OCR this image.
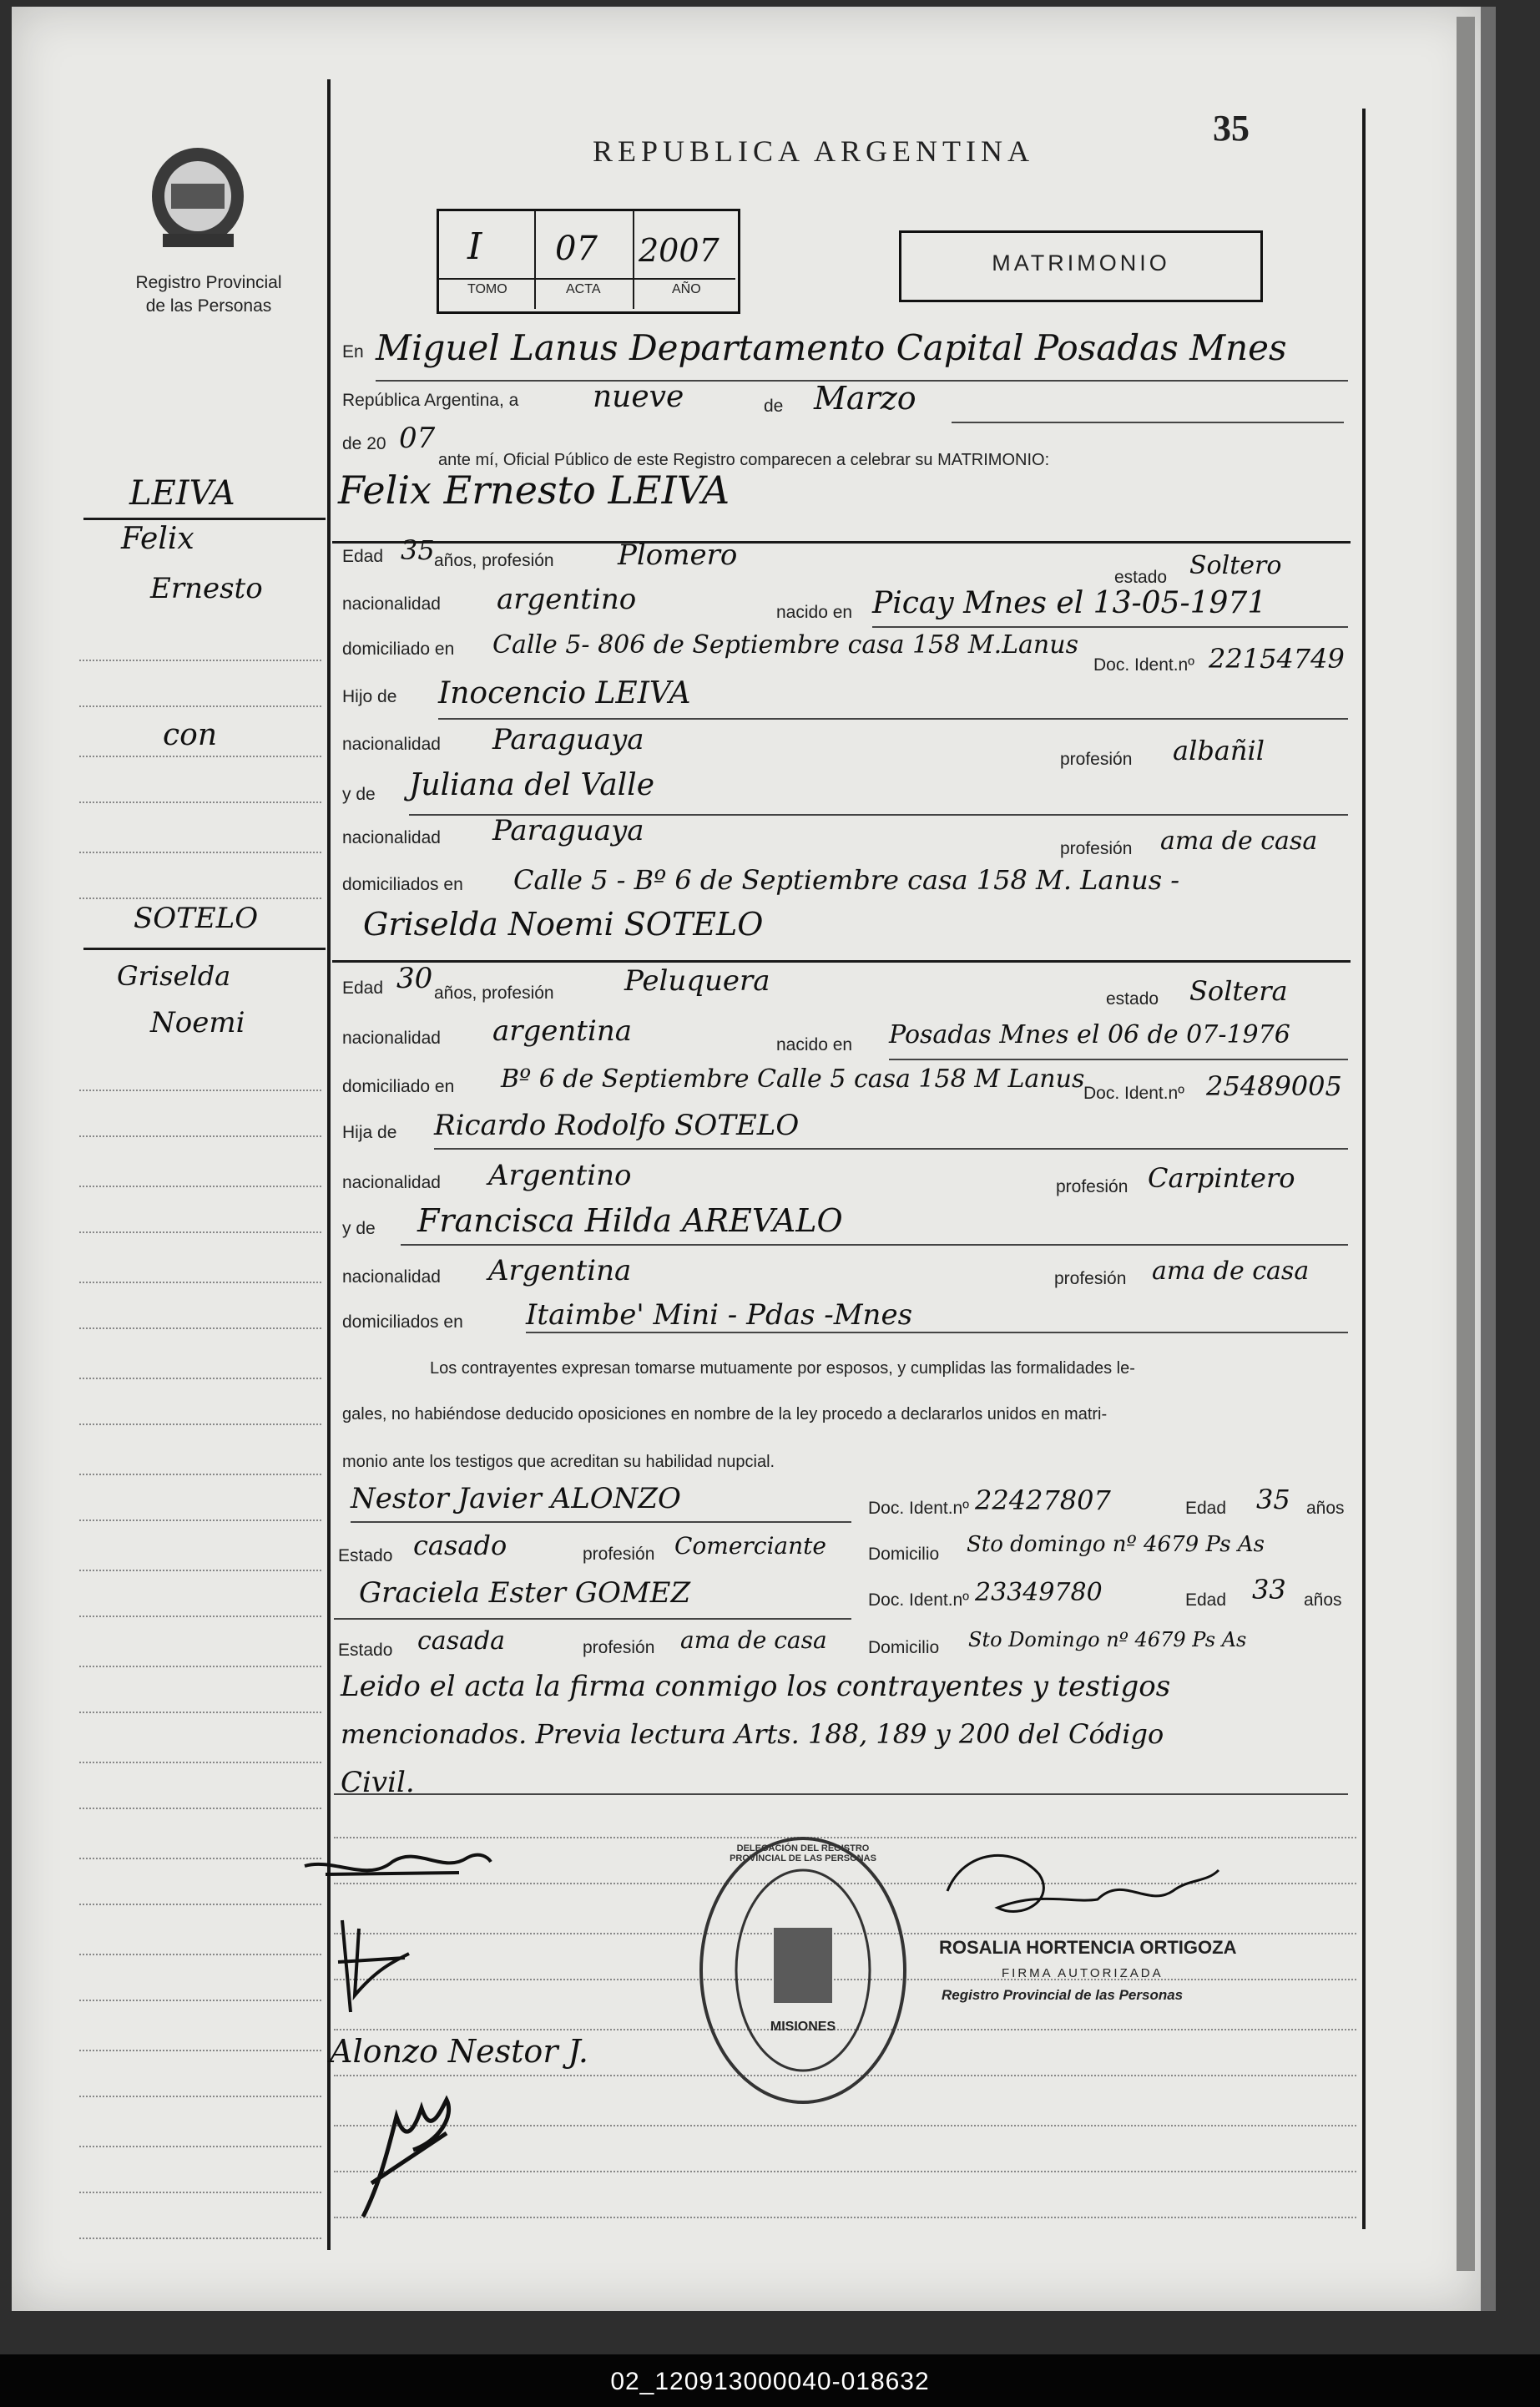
Registro Provincial
de las Personas
REPUBLICA ARGENTINA
35
I 07 2007
TOMO	ACTA	AÑO
MATRIMONIO
En Miguel Lanus Departamento Capital Posadas Mnes
República Argentina, a nueve	de Marzo
de 20 07
ante mí, Oficial Público de este Registro comparecen a celebrar su MATRIMONIO:
LEIVA
Felix
Ernesto
con
Felix Ernesto LEIVA
Edad 35 años, profesión Plomero
estado Soltero
nacionalidad argentino	nacido en Picay Mnes el 13-05-1971
domiciliado en Calle 5- 806 de Septiembre casa 158 M.Lanus
Doc. Ident.nº 22154749
Hijo de Inocencio LEIVA
nacionalidad Paraguaya
profesión albañil
y de Juliana del Valle
nacionalidad Paraguaya
profesión ama de casa
domiciliados en Calle 5 - Bº 6 de Septiembre casa 158 M. Lanus -
SOTELO
Griselda
Noemi
Griselda Noemi SOTELO
Edad 30 años, profesión Peluquera
estado Soltera
nacionalidad argentina	nacido en Posadas Mnes el 06 de 07-1976
domiciliado en Bº 6 de Septiembre Calle 5 casa 158 M Lanus
Doc. Ident.nº 25489005
Hija de Ricardo Rodolfo SOTELO
nacionalidad Argentino	profesión Carpintero
y de Francisca Hilda AREVALO
nacionalidad Argentina	profesión ama de casa
domiciliados en Itaimbe' Mini - Pdas -Mnes
Los contrayentes expresan tomarse mutuamente por esposos, y cumplidas las formalidades le-
gales, no habiéndose deducido oposiciones en nombre de la ley procedo a declararlos unidos en matri-
monio ante los testigos que acreditan su habilidad nupcial.
Nestor Javier ALONZO	Doc. Ident.nº 22427807	Edad 35 años
Estado casado	profesión Comerciante Domicilio Sto domingo nº 4679 Ps As
Graciela Ester GOMEZ	Doc. Ident.nº 23349780	Edad 33 años
Estado casada	profesión ama de casa Domicilio Sto Domingo nº 4679 Ps As
Leido el acta la firma conmigo los contrayentes y testigos
mencionados. Previa lectura Arts. 188, 189 y 200 del Código
Civil.
DELEGACIÓN DEL REGISTRO PROVINCIAL DE LAS PERSONAS
MISIONES
ROSALIA HORTENCIA ORTIGOZA
FIRMA AUTORIZADA
Registro Provincial de las Personas
Alonzo Nestor J.
02_120913000040-018632
